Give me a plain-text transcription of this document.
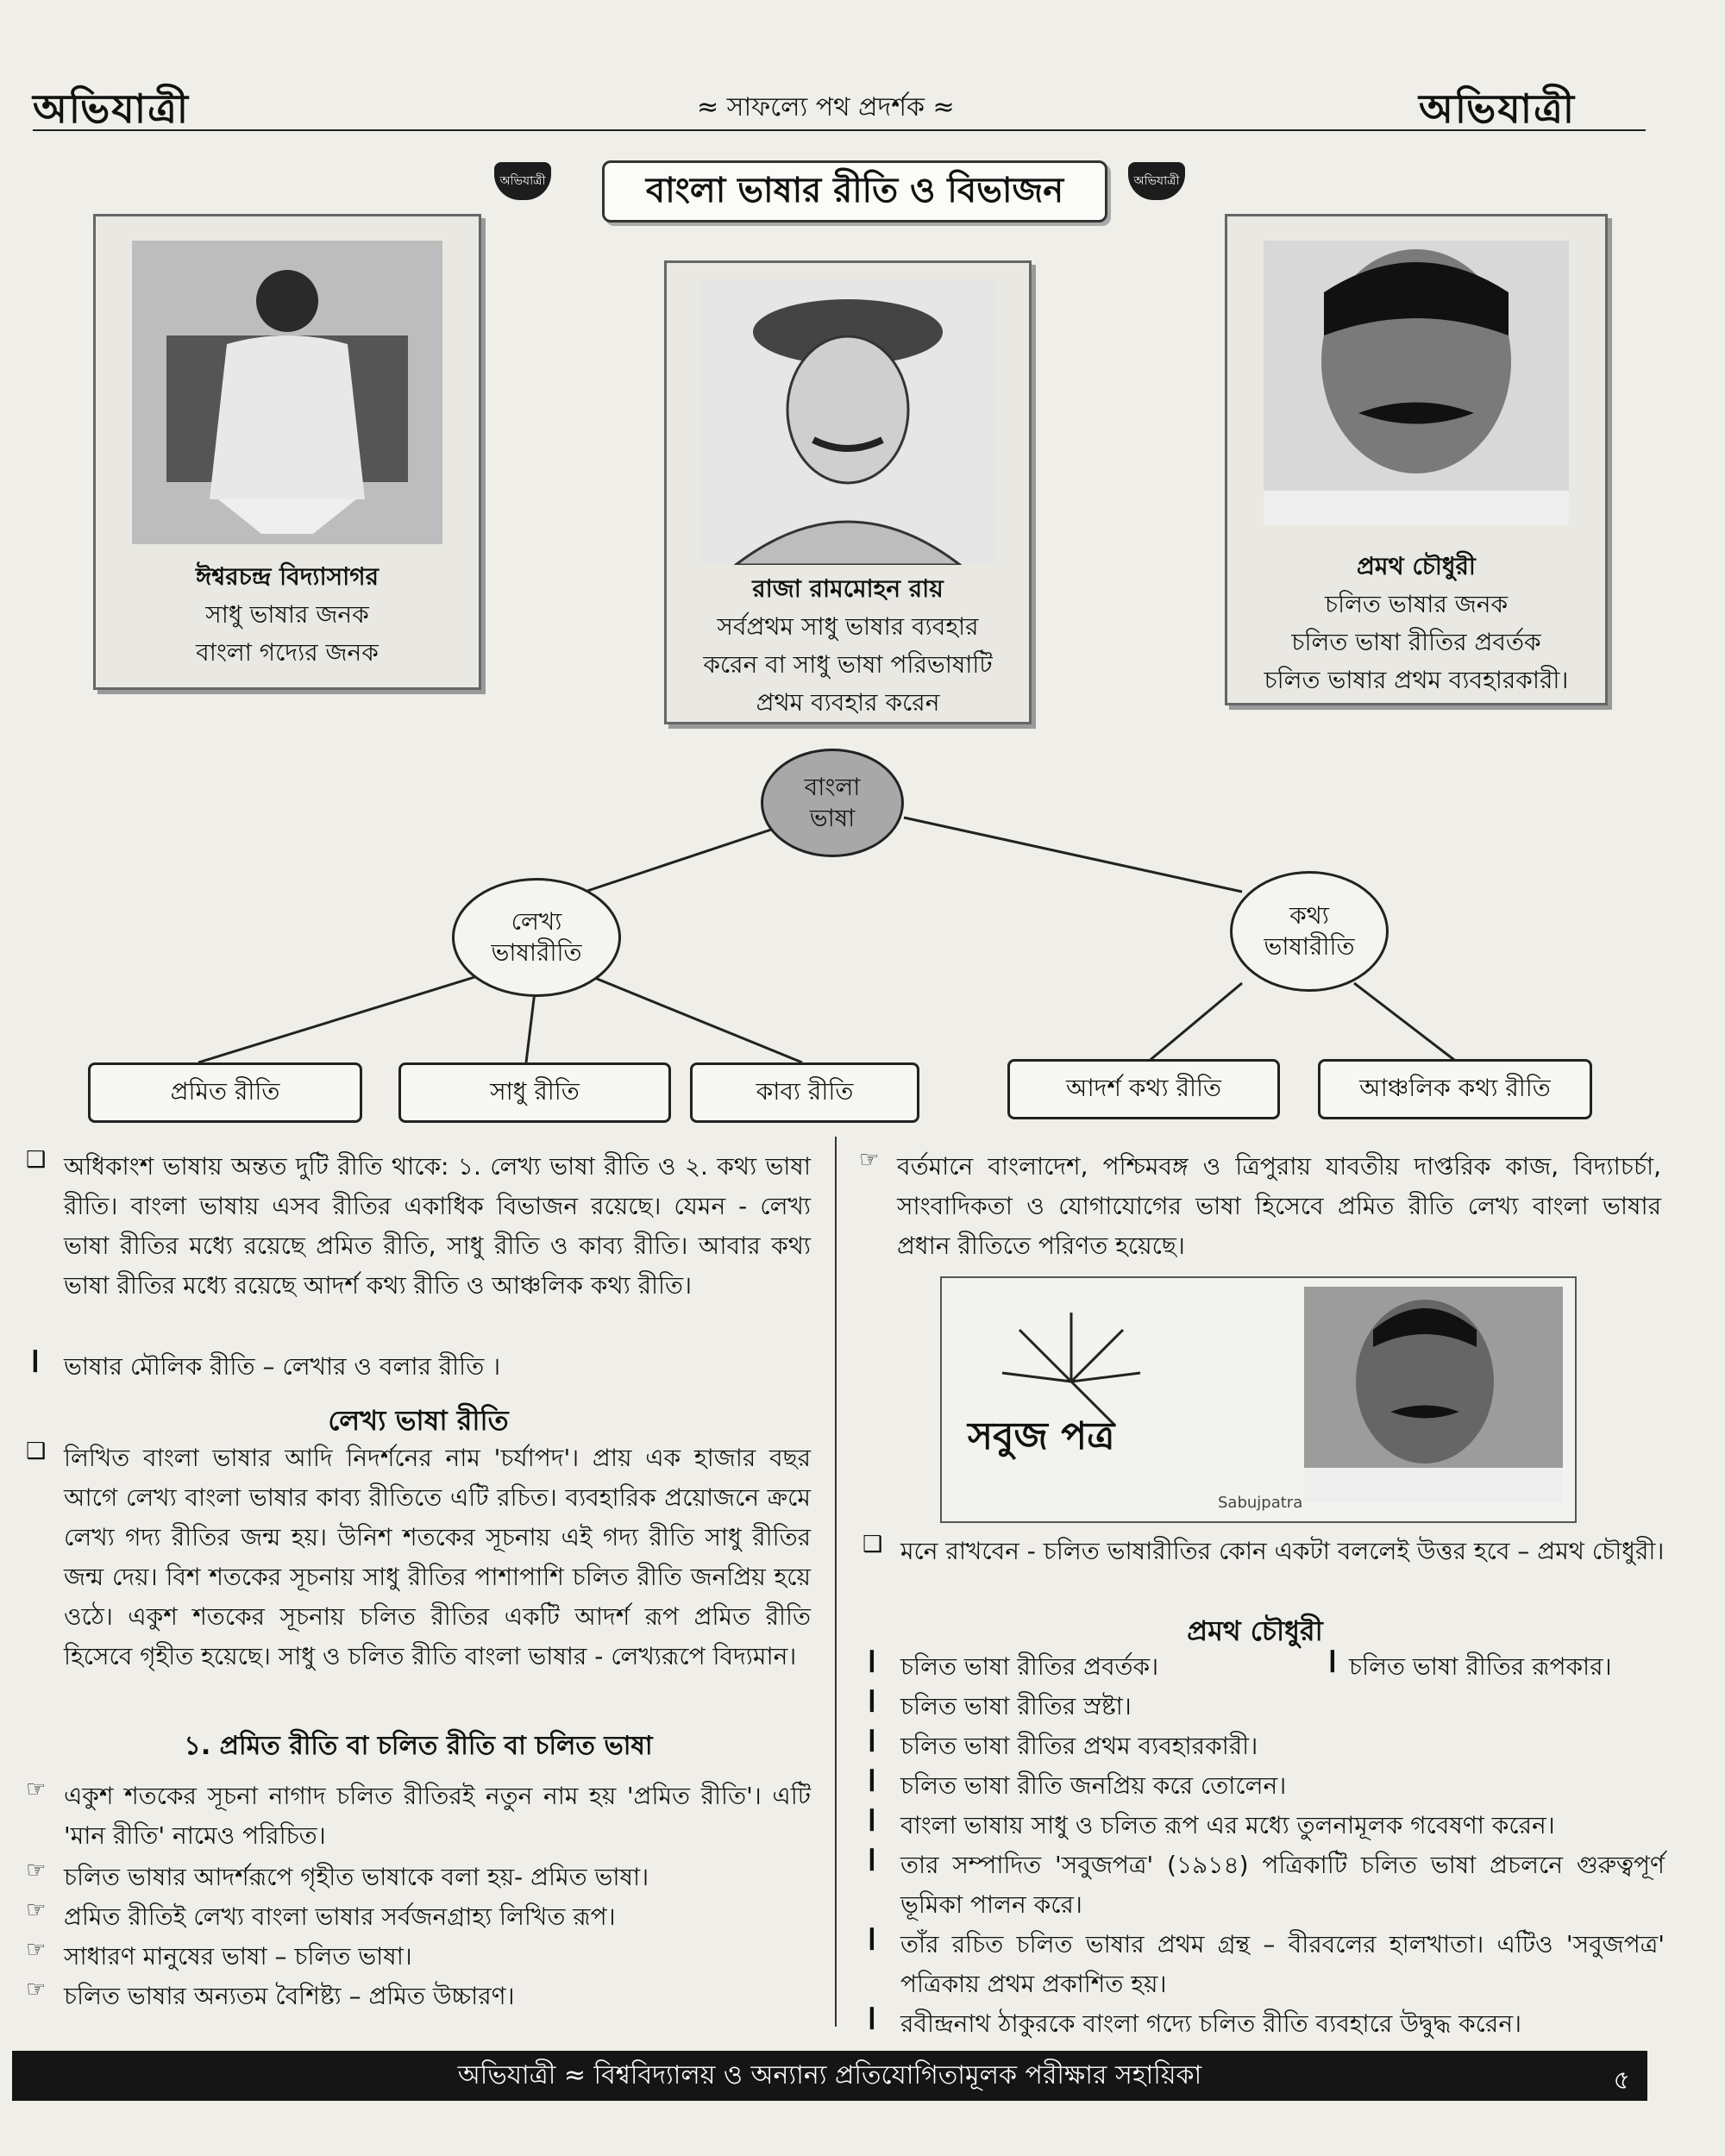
অভিযাত্রী	≈ সাফল্যে পথ প্রদর্শক ≈	অভিযাত্রী
অভিযাত্রী	বাংলা ভাষার রীতি ও বিভাজন	অভিযাত্রী
ঈশ্বরচন্দ্র বিদ্যাসাগর
সাধু ভাষার জনক
বাংলা গদ্যের জনক
রাজা রামমোহন রায়
সর্বপ্রথম সাধু ভাষার ব্যবহার
করেন বা সাধু ভাষা পরিভাষাটি
প্রথম ব্যবহার করেন
প্রমথ চৌধুরী
চলিত ভাষার জনক
চলিত ভাষা রীতির প্রবর্তক
চলিত ভাষার প্রথম ব্যবহারকারী।
বাংলা
ভাষা
লেখ্য
ভাষারীতি
কথ্য
ভাষারীতি
প্রমিত রীতি	সাধু রীতি	কাব্য রীতি	আদর্শ কথ্য রীতি	আঞ্চলিক কথ্য রীতি
❑ অধিকাংশ ভাষায় অন্তত দুটি রীতি থাকে: ১. লেখ্য ভাষা রীতি ও ২. কথ্য ভাষা রীতি। বাংলা ভাষায় এসব রীতির একাধিক বিভাজন রয়েছে। যেমন - লেখ্য ভাষা রীতির মধ্যে রয়েছে প্রমিত রীতি, সাধু রীতি ও কাব্য রীতি। আবার কথ্য ভাষা রীতির মধ্যে রয়েছে আদর্শ কথ্য রীতি ও আঞ্চলিক কথ্য রীতি।
❙ ভাষার মৌলিক রীতি – লেখার ও বলার রীতি ।
লেখ্য ভাষা রীতি
❑ লিখিত বাংলা ভাষার আদি নিদর্শনের নাম 'চর্যাপদ'। প্রায় এক হাজার বছর আগে লেখ্য বাংলা ভাষার কাব্য রীতিতে এটি রচিত। ব্যবহারিক প্রয়োজনে ক্রমে লেখ্য গদ্য রীতির জন্ম হয়। উনিশ শতকের সূচনায় এই গদ্য রীতি সাধু রীতির জন্ম দেয়। বিশ শতকের সূচনায় সাধু রীতির পাশাপাশি চলিত রীতি জনপ্রিয় হয়ে ওঠে। একুশ শতকের সূচনায় চলিত রীতির একটি আদর্শ রূপ প্রমিত রীতি হিসেবে গৃহীত হয়েছে। সাধু ও চলিত রীতি বাংলা ভাষার - লেখ্যরূপে বিদ্যমান।
১. প্রমিত রীতি বা চলিত রীতি বা চলিত ভাষা
☞ একুশ শতকের সূচনা নাগাদ চলিত রীতিরই নতুন নাম হয় 'প্রমিত রীতি'। এটি 'মান রীতি' নামেও পরিচিত।
☞ চলিত ভাষার আদর্শরূপে গৃহীত ভাষাকে বলা হয়- প্রমিত ভাষা।
☞ প্রমিত রীতিই লেখ্য বাংলা ভাষার সর্বজনগ্রাহ্য লিখিত রূপ।
☞ সাধারণ মানুষের ভাষা – চলিত ভাষা।
☞ চলিত ভাষার অন্যতম বৈশিষ্ট্য – প্রমিত উচ্চারণ।
☞ বর্তমানে বাংলাদেশ, পশ্চিমবঙ্গ ও ত্রিপুরায় যাবতীয় দাপ্তরিক কাজ, বিদ্যাচর্চা, সাংবাদিকতা ও যোগাযোগের ভাষা হিসেবে প্রমিত রীতি লেখ্য বাংলা ভাষার প্রধান রীতিতে পরিণত হয়েছে।
সবুজ পত্র
Sabujpatra
❑ মনে রাখবেন - চলিত ভাষারীতির কোন একটা বললেই উত্তর হবে – প্রমথ চৌধুরী।
প্রমথ চৌধুরী
❙ চলিত ভাষা রীতির প্রবর্তক।	❙ চলিত ভাষা রীতির রূপকার।
❙ চলিত ভাষা রীতির স্রষ্টা।
❙ চলিত ভাষা রীতির প্রথম ব্যবহারকারী।
❙ চলিত ভাষা রীতি জনপ্রিয় করে তোলেন।
❙ বাংলা ভাষায় সাধু ও চলিত রূপ এর মধ্যে তুলনামূলক গবেষণা করেন।
❙ তার সম্পাদিত 'সবুজপত্র' (১৯১৪) পত্রিকাটি চলিত ভাষা প্রচলনে গুরুত্বপূর্ণ ভূমিকা পালন করে।
❙ তাঁর রচিত চলিত ভাষার প্রথম গ্রন্থ – বীরবলের হালখাতা। এটিও 'সবুজপত্র' পত্রিকায় প্রথম প্রকাশিত হয়।
❙ রবীন্দ্রনাথ ঠাকুরকে বাংলা গদ্যে চলিত রীতি ব্যবহারে উদ্বুদ্ধ করেন।
অভিযাত্রী ≈ বিশ্ববিদ্যালয় ও অন্যান্য প্রতিযোগিতামূলক পরীক্ষার সহায়িকা	৫
